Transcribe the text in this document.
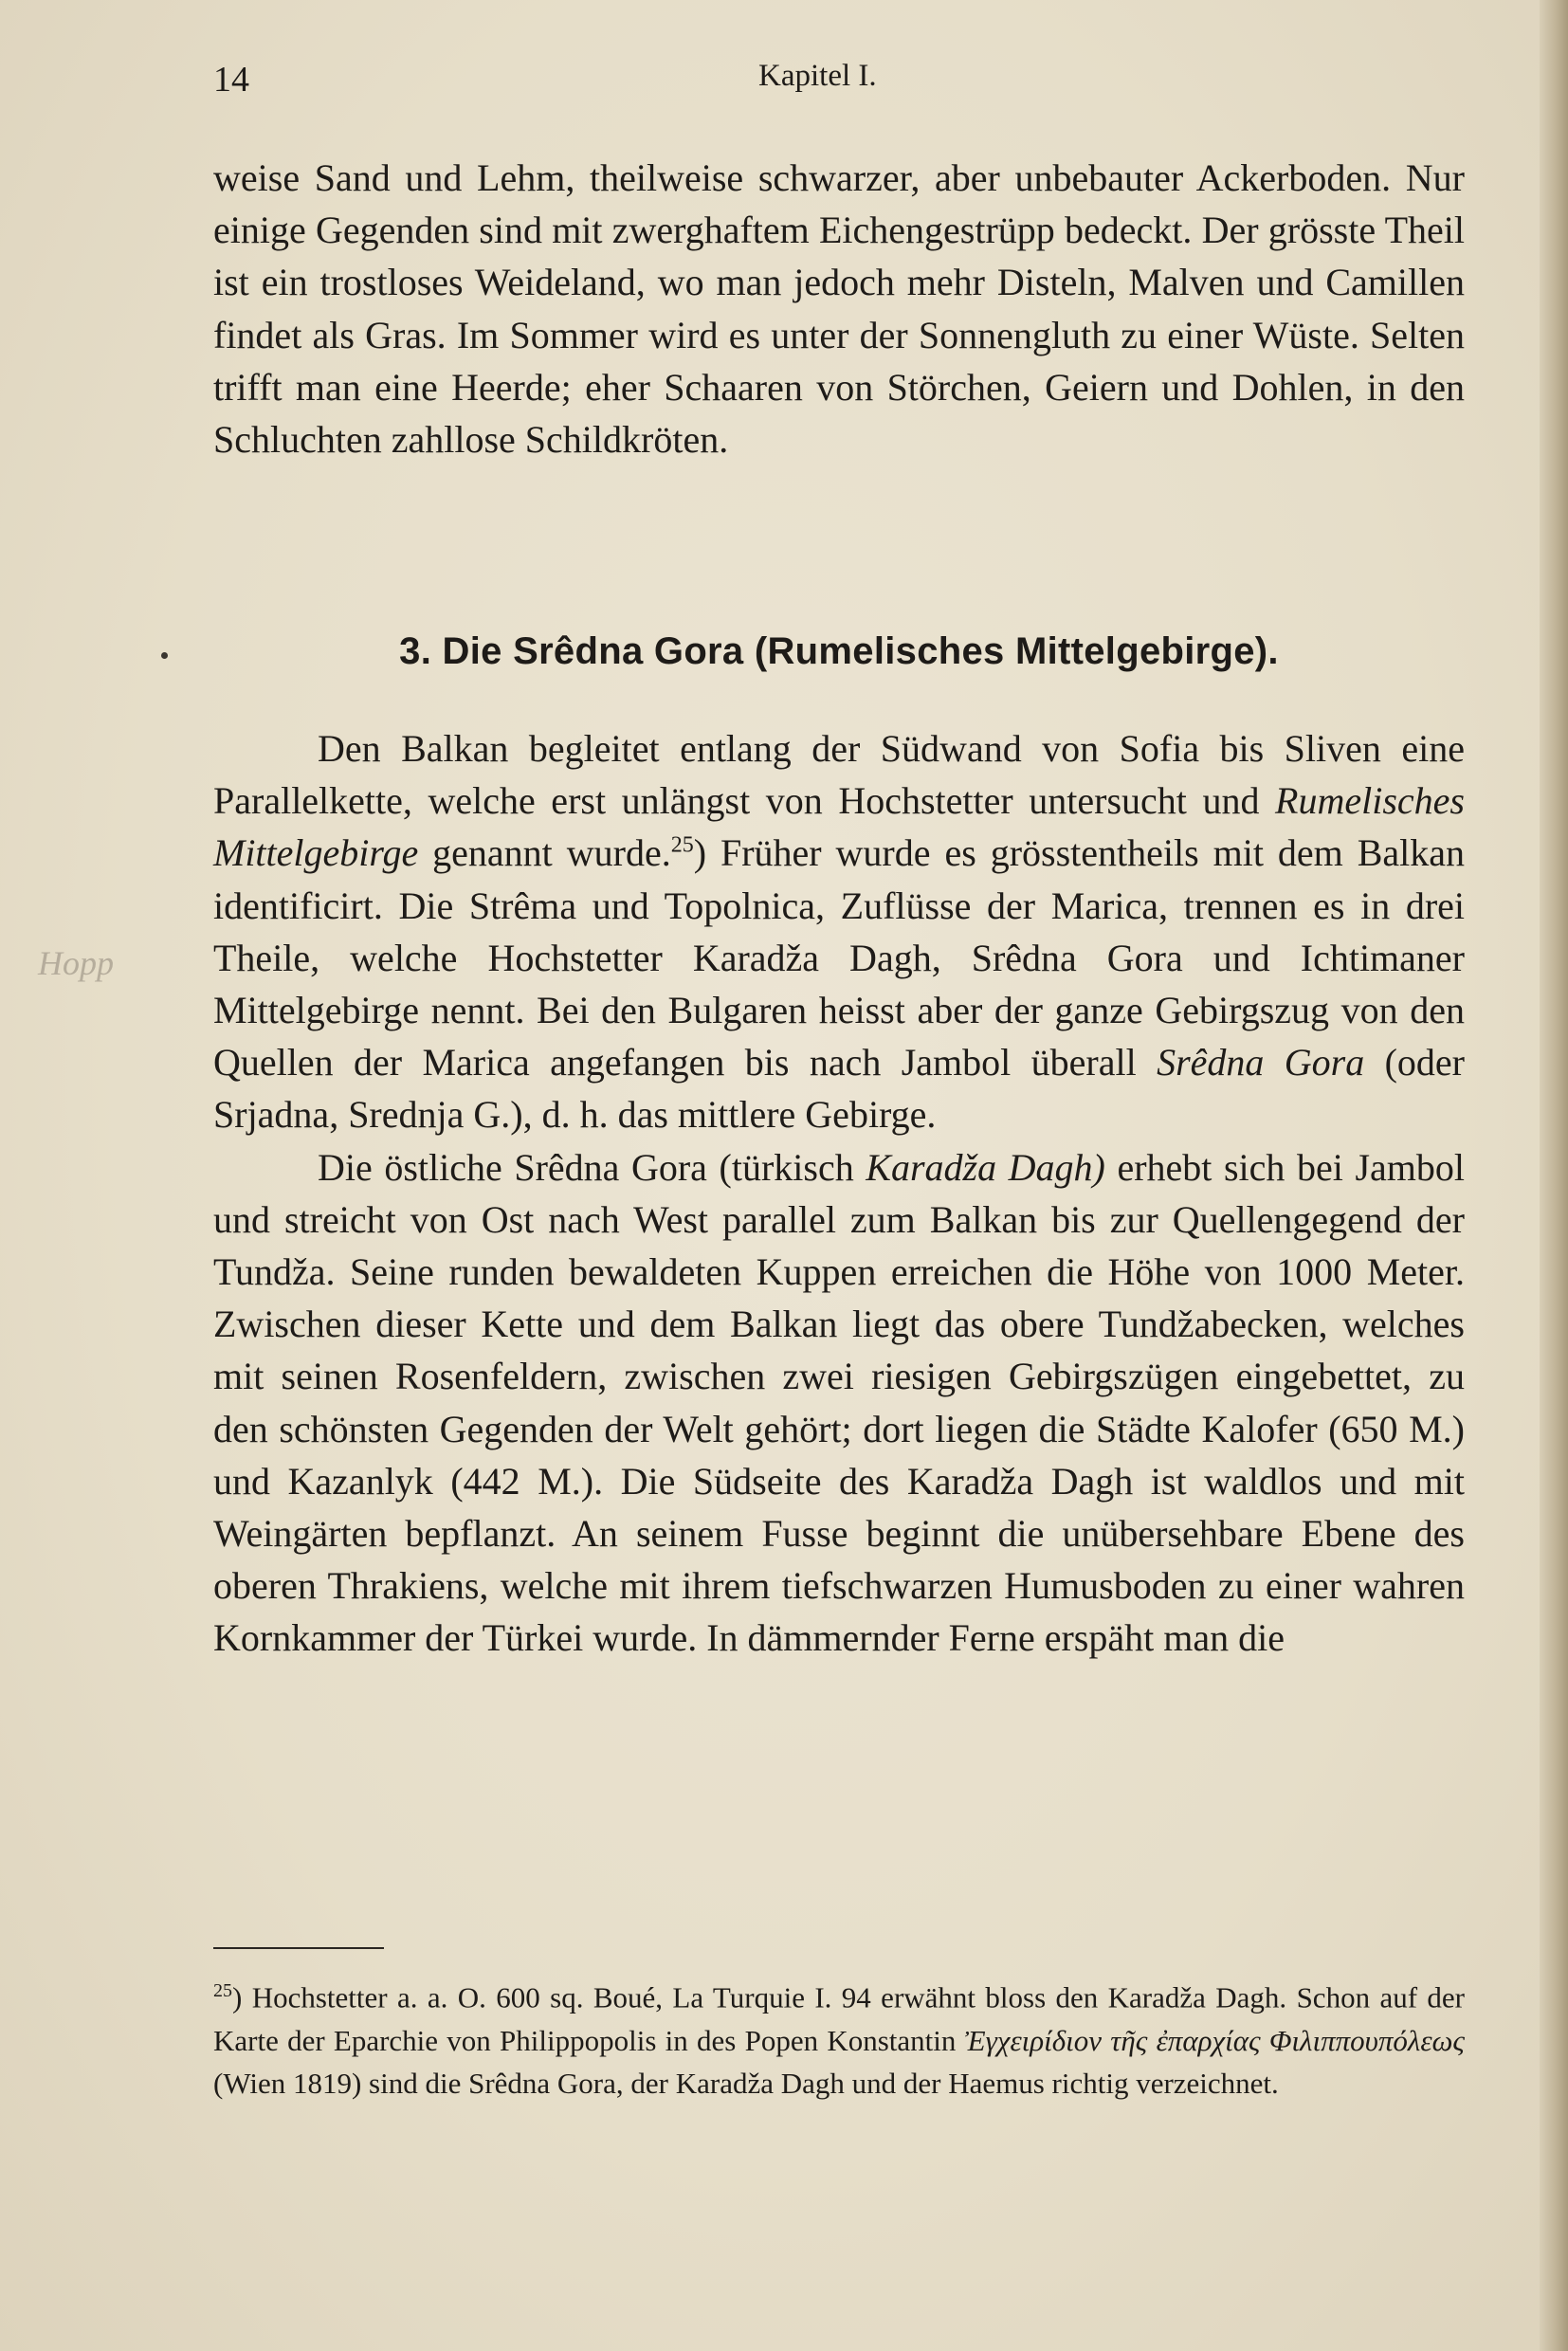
14	Kapitel I.

weise Sand und Lehm, theilweise schwarzer, aber unbebauter Ackerboden. Nur einige Gegenden sind mit zwerghaftem Eichengestrüpp bedeckt. Der grösste Theil ist ein trostloses Weideland, wo man jedoch mehr Disteln, Malven und Camillen findet als Gras. Im Sommer wird es unter der Sonnengluth zu einer Wüste. Selten trifft man eine Heerde; eher Schaaren von Störchen, Geiern und Dohlen, in den Schluchten zahllose Schildkröten.

3. Die Srêdna Gora (Rumelisches Mittelgebirge).
Hopp

Den Balkan begleitet entlang der Südwand von Sofia bis Sliven eine Parallelkette, welche erst unlängst von Hochstetter untersucht und Rumelisches Mittelgebirge genannt wurde.$^{25}$) Früher wurde es grösstentheils mit dem Balkan identificirt. Die Strêma und Topolnica, Zuflüsse der Marica, trennen es in drei Theile, welche Hochstetter Karadža Dagh, Srêdna Gora und Ichtimaner Mittelgebirge nennt. Bei den Bulgaren heisst aber der ganze Gebirgszug von den Quellen der Marica angefangen bis nach Jambol überall Srêdna Gora (oder Srjadna, Srednja G.), d. h. das mittlere Gebirge.

Die östliche Srêdna Gora (türkisch Karadža Dagh) erhebt sich bei Jambol und streicht von Ost nach West parallel zum Balkan bis zur Quellengegend der Tundža. Seine runden bewaldeten Kuppen erreichen die Höhe von 1000 Meter. Zwischen dieser Kette und dem Balkan liegt das obere Tundžabecken, welches mit seinen Rosenfeldern, zwischen zwei riesigen Gebirgszügen eingebettet, zu den schönsten Gegenden der Welt gehört; dort liegen die Städte Kalofer (650 M.) und Kazanlyk (442 M.). Die Südseite des Karadža Dagh ist waldlos und mit Weingärten bepflanzt. An seinem Fusse beginnt die unübersehbare Ebene des oberen Thrakiens, welche mit ihrem tiefschwarzen Humusboden zu einer wahren Kornkammer der Türkei wurde. In dämmernder Ferne erspäht man die

$^{25}$) Hochstetter a. a. O. 600 sq. Boué, La Turquie I. 94 erwähnt bloss den Karadža Dagh. Schon auf der Karte der Eparchie von Philippopolis in des Popen Konstantin Ἐγχειρίδιον τῆς ἐπαρχίας Φιλιππουπόλεως (Wien 1819) sind die Srêdna Gora, der Karadža Dagh und der Haemus richtig verzeichnet.
